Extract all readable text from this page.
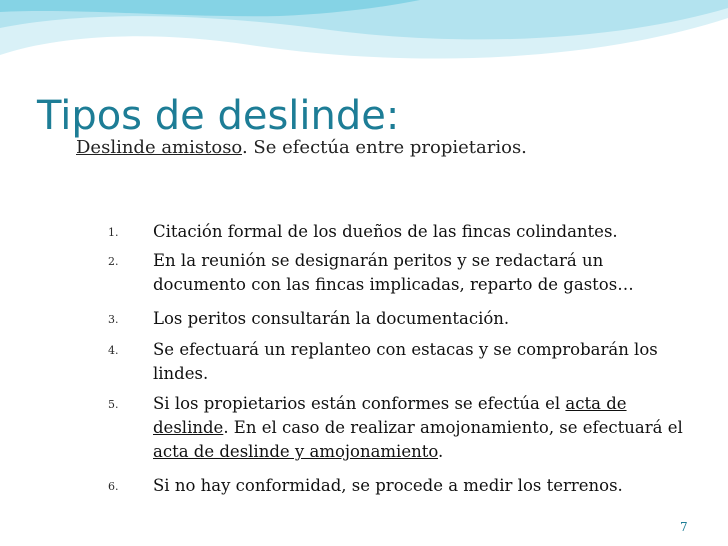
Tipos de deslinde:

Deslinde amistoso. Se efectúa entre propietarios.

1. Citación formal de los dueños de las fincas colindantes.
2. En la reunión se designarán peritos y se redactará un documento con las fincas implicadas, reparto de gastos…
3. Los peritos consultarán la documentación.
4. Se efectuará un replanteo con estacas y se comprobarán los lindes.
5. Si los propietarios están conformes se efectúa el acta de deslinde. En el caso de realizar amojonamiento, se efectuará el acta de deslinde y amojonamiento.
6. Si no hay conformidad, se procede a medir los terrenos.
7
